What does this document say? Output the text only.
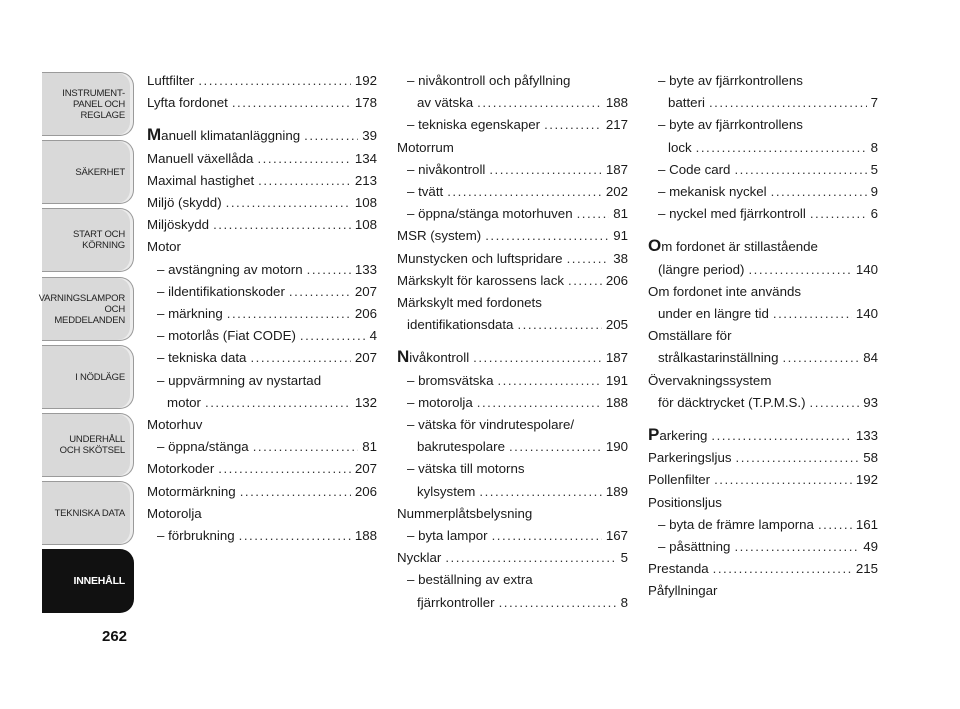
INSTRUMENT-
PANEL OCH
REGLAGE
SÄKERHET
START OCH
KÖRNING
VARNINGSLAMPOR
OCH
MEDDELANDEN
I NÖDLÄGE
UNDERHÅLL
OCH SKÖTSEL
TEKNISKA DATA
INNEHÅLL
262
Luftfilter .....	192
Lyfta fordonet .....	178
Manuell klimatanläggning .....	39
Manuell växellåda .....	134
Maximal hastighet .....	213
Miljö (skydd) .....	108
Miljöskydd .....	108
Motor
– avstängning av motorn .....	133
– ildentifikationskoder .....	207
– märkning .....	206
– motorlås (Fiat CODE) .....	4
– tekniska data .....	207
– uppvärmning av nystartad
motor .....	132
Motorhuv
– öppna/stänga .....	81
Motorkoder .....	207
Motormärkning .....	206
Motorolja
– förbrukning .....	188
– nivåkontroll och påfyllning
av vätska .....	188
– tekniska egenskaper .....	217
Motorrum
– nivåkontroll .....	187
– tvätt .....	202
– öppna/stänga motorhuven .....	81
MSR (system) .....	91
Munstycken och luftspridare .....	38
Märkskylt för karossens lack .....	206
Märkskylt med fordonets
identifikationsdata .....	205
Nivåkontroll .....	187
– bromsvätska .....	191
– motorolja .....	188
– vätska för vindrutespolare/
bakrutespolare .....	190
– vätska till motorns
kylsystem .....	189
Nummerplåtsbelysning
– byta lampor .....	167
Nycklar .....	5
– beställning av extra
fjärrkontroller .....	8
– byte av fjärrkontrollens
batteri .....	7
– byte av fjärrkontrollens
lock .....	8
– Code card .....	5
– mekanisk nyckel .....	9
– nyckel med fjärrkontroll .....	6
Om fordonet är stillastående
(längre period) .....	140
Om fordonet inte används
under en längre tid .....	140
Omställare för
strålkastarinställning .....	84
Övervakningssystem
för däcktrycket (T.P.M.S.) .....	93
Parkering .....	133
Parkeringsljus .....	58
Pollenfilter .....	192
Positionsljus
– byta de främre lamporna .....	161
– påsättning .....	49
Prestanda .....	215
Påfyllningar
